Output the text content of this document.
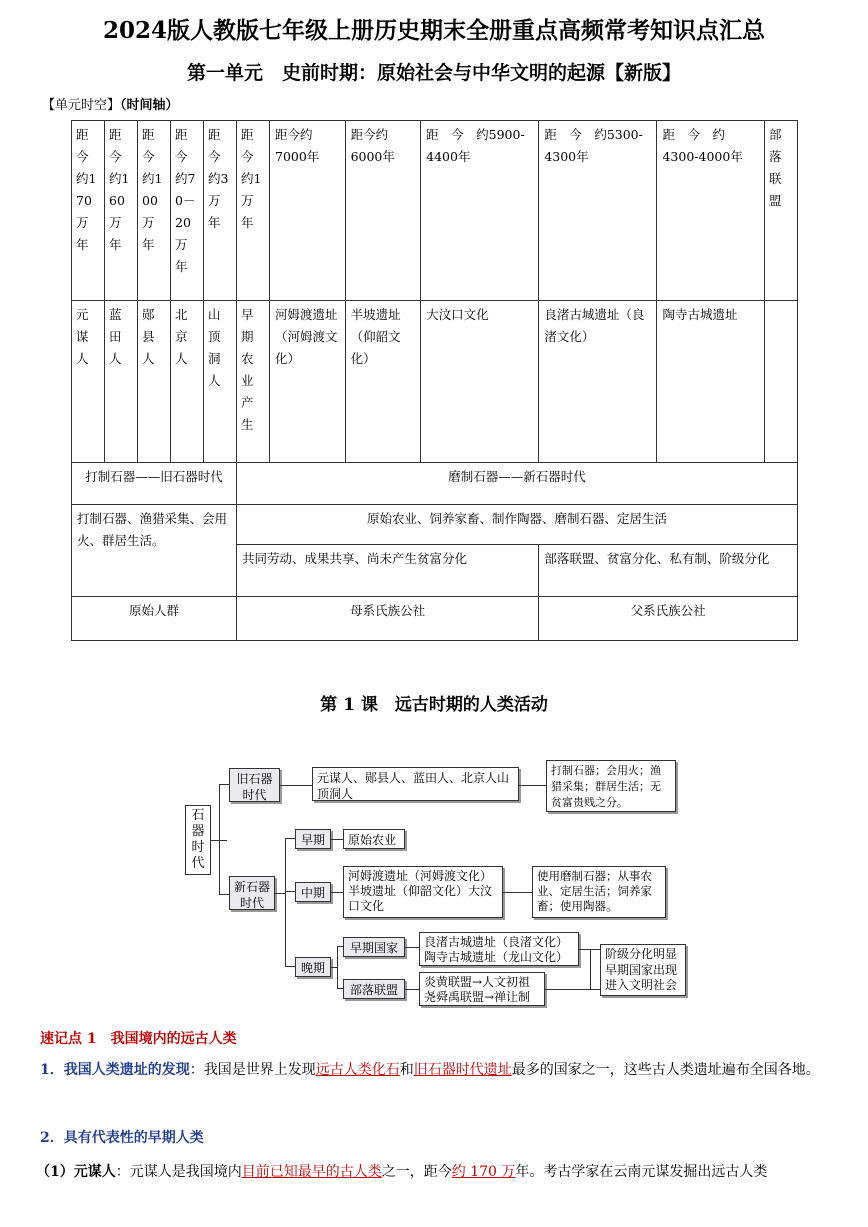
2024版人教版七年级上册历史期末全册重点高频常考知识点汇总
第一单元　史前时期：原始社会与中华文明的起源【新版】
【单元时空】（时间轴）
距今约170万年	距今约160万年	距今约100万年	距今约70－20万年	距今约3万年	距今约1万年	距今约7000年	距今约6000年	距　今　约5900-4400年	距　今　约5300-4300年	距　今　约4300-4000年	部落联盟
元谋人	蓝田人	郧县人	北京人	山顶洞人	早期农业产生	河姆渡遗址（河姆渡文化）	半坡遗址（仰韶文化）	大汶口文化	良渚古城遗址（良渚文化）	陶寺古城遗址	
打制石器——旧石器时代					磨制石器——新石器时代						
打制石器、渔猎采集、会用火、群居生活。					原始农业、饲养家畜、制作陶器、磨制石器、定居生活						
					共同劳动、成果共享、尚未产生贫富分化				部落联盟、贫富分化、私有制、阶级分化		
原始人群					母系氏族公社				父系氏族公社		
第 1 课　远古时期的人类活动
石器时代
旧石器时代
元谋人、郧县人、蓝田人、北京人山顶洞人
打制石器；会用火；渔猎采集；群居生活；无贫富贵贱之分。
新石器时代
早期	原始农业
中期
河姆渡遗址（河姆渡文化）半坡遗址（仰韶文化）大汶口文化
使用磨制石器；从事农业、定居生活；饲养家畜；使用陶器。
晚期
早期国家	良渚古城遗址（良渚文化）陶寺古城遗址（龙山文化）
部落联盟
炎黄联盟→人文初祖尧舜禹联盟→禅让制
阶级分化明显早期国家出现进入文明社会
速记点 1　我国境内的远古人类
1．我国人类遗址的发现：我国是世界上发现远古人类化石和旧石器时代遗址最多的国家之一，这些古人类遗址遍布全国各地。
2．具有代表性的早期人类
（1）元谋人：元谋人是我国境内目前已知最早的古人类之一，距今约 170 万年。考古学家在云南元谋发掘出远古人类
